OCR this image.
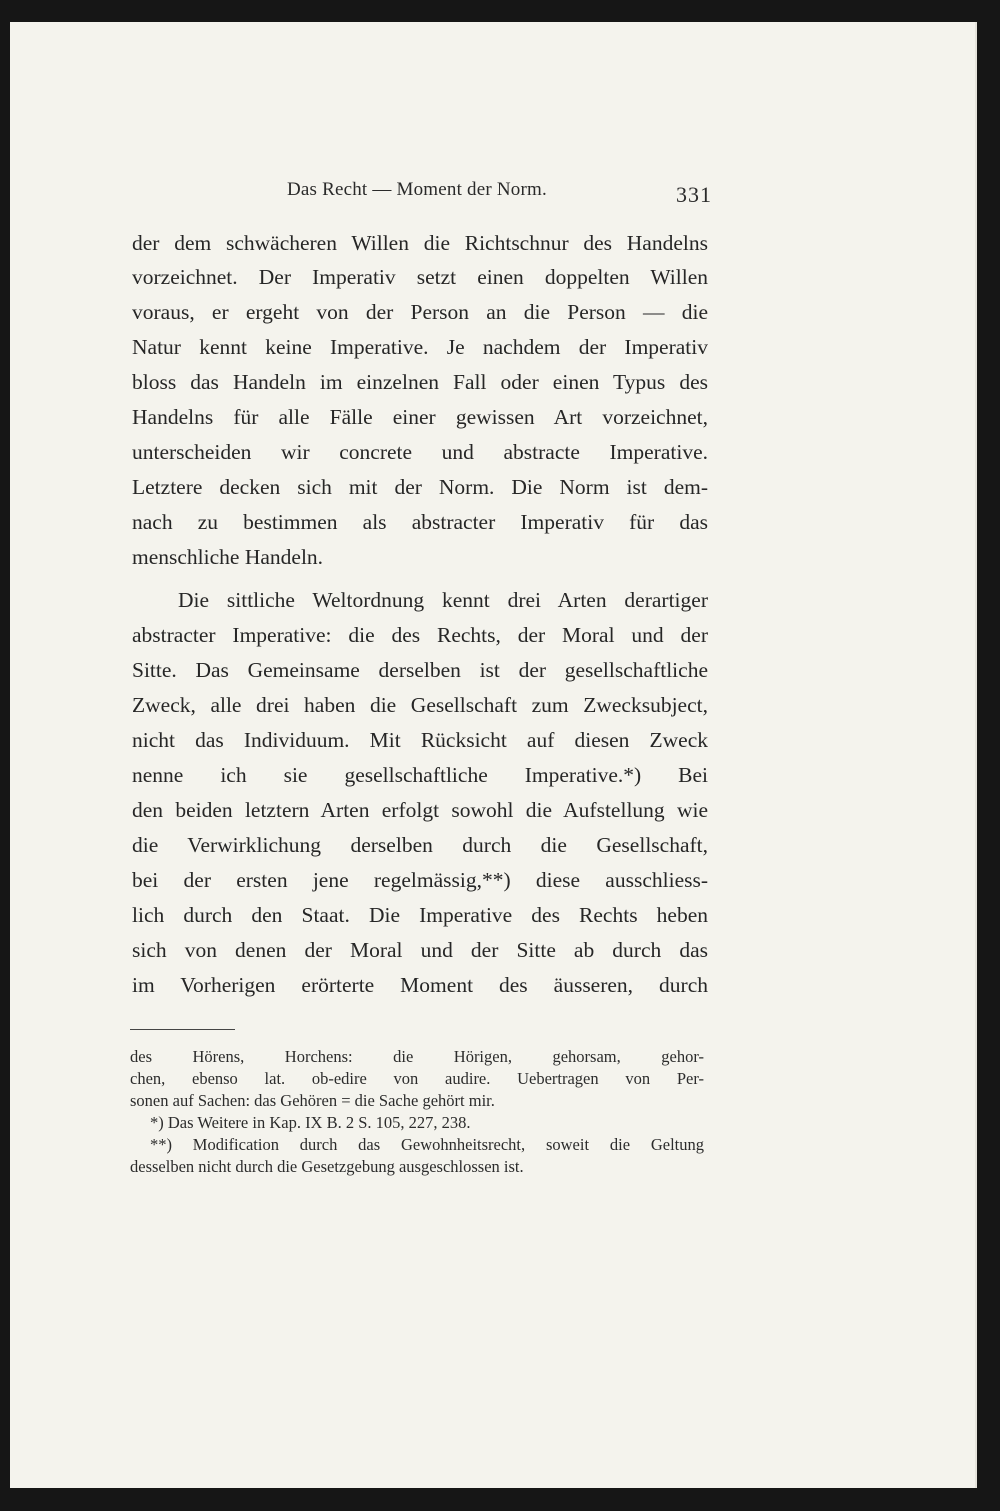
Das Recht — Moment der Norm.	331
der dem schwächeren Willen die Richtschnur des Handelns
vorzeichnet. Der Imperativ setzt einen doppelten Willen
voraus, er ergeht von der Person an die Person — die
Natur kennt keine Imperative. Je nachdem der Imperativ
bloss das Handeln im einzelnen Fall oder einen Typus des
Handelns für alle Fälle einer gewissen Art vorzeichnet,
unterscheiden wir concrete und abstracte Imperative.
Letztere decken sich mit der Norm. Die Norm ist dem-
nach zu bestimmen als abstracter Imperativ für das
menschliche Handeln.
Die sittliche Weltordnung kennt drei Arten derartiger
abstracter Imperative: die des Rechts, der Moral und der
Sitte. Das Gemeinsame derselben ist der gesellschaftliche
Zweck, alle drei haben die Gesellschaft zum Zwecksubject,
nicht das Individuum. Mit Rücksicht auf diesen Zweck
nenne ich sie gesellschaftliche Imperative.*) Bei
den beiden letztern Arten erfolgt sowohl die Aufstellung wie
die Verwirklichung derselben durch die Gesellschaft,
bei der ersten jene regelmässig,**) diese ausschliess-
lich durch den Staat. Die Imperative des Rechts heben
sich von denen der Moral und der Sitte ab durch das
im Vorherigen erörterte Moment des äusseren, durch
des Hörens, Horchens: die Hörigen, gehorsam, gehor-
chen, ebenso lat. ob-edire von audire. Uebertragen von Per-
sonen auf Sachen: das Gehören = die Sache gehört mir.
*) Das Weitere in Kap. IX B. 2 S. 105, 227, 238.
**) Modification durch das Gewohnheitsrecht, soweit die Geltung
desselben nicht durch die Gesetzgebung ausgeschlossen ist.
